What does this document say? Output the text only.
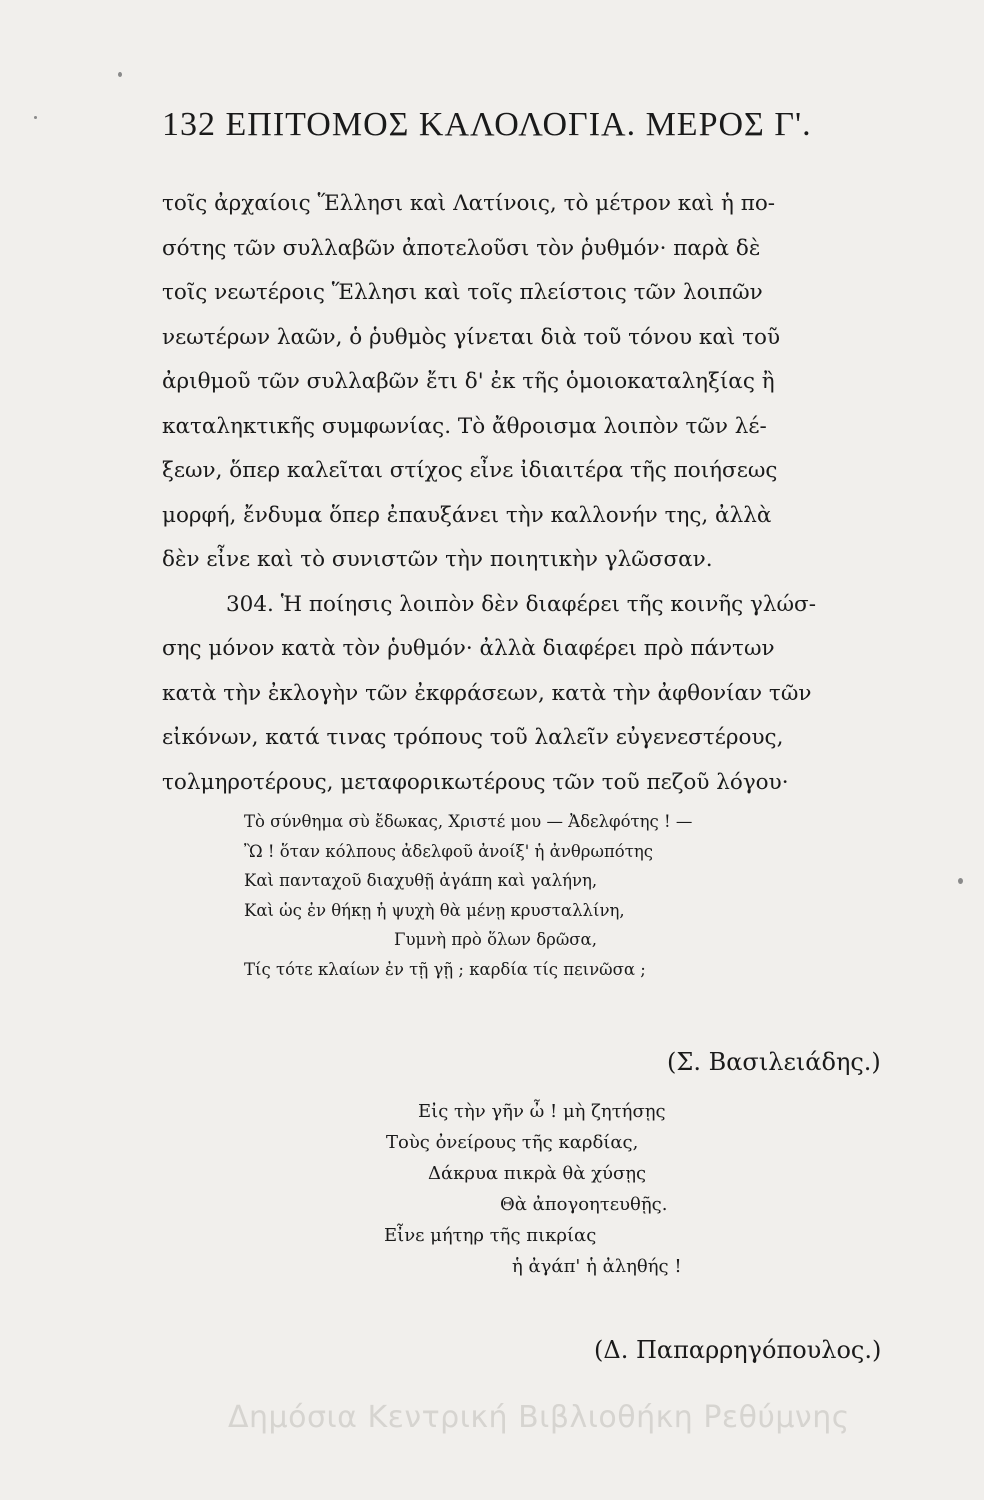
132 ΕΠΙΤΟΜΟΣ ΚΑΛΟΛΟΓΙΑ. ΜΕΡΟΣ Γ'.
τοῖς ἀρχαίοις Ἕλλησι καὶ Λατίνοις, τὸ μέτρον καὶ ἡ πο-
σότης τῶν συλλαβῶν ἀποτελοῦσι τὸν ῥυθμόν· παρὰ δὲ
τοῖς νεωτέροις Ἕλλησι καὶ τοῖς πλείστοις τῶν λοιπῶν
νεωτέρων λαῶν, ὁ ῥυθμὸς γίνεται διὰ τοῦ τόνου καὶ τοῦ
ἀριθμοῦ τῶν συλλαβῶν ἔτι δ' ἐκ τῆς ὁμοιοκαταληξίας ἢ
καταληκτικῆς συμφωνίας. Τὸ ἄθροισμα λοιπὸν τῶν λέ-
ξεων, ὅπερ καλεῖται στίχος εἶνε ἰδιαιτέρα τῆς ποιήσεως
μορφή, ἔνδυμα ὅπερ ἐπαυξάνει τὴν καλλονήν της, ἀλλὰ
δὲν εἶνε καὶ τὸ συνιστῶν τὴν ποιητικὴν γλῶσσαν.
304. Ἡ ποίησις λοιπὸν δὲν διαφέρει τῆς κοινῆς γλώσ-
σης μόνον κατὰ τὸν ῥυθμόν· ἀλλὰ διαφέρει πρὸ πάντων
κατὰ τὴν ἐκλογὴν τῶν ἐκφράσεων, κατὰ τὴν ἀφθονίαν τῶν
εἰκόνων, κατά τινας τρόπους τοῦ λαλεῖν εὐγενεστέρους,
τολμηροτέρους, μεταφορικωτέρους τῶν τοῦ πεζοῦ λόγου·
Τὸ σύνθημα σὺ ἔδωκας, Χριστέ μου — Ἀδελφότης ! —
Ὢ ! ὅταν κόλπους ἀδελφοῦ ἀνοίξ' ἡ ἀνθρωπότης
Καὶ πανταχοῦ διαχυθῇ ἀγάπη καὶ γαλήνη,
Καὶ ὡς ἐν θήκῃ ἡ ψυχὴ θὰ μένῃ κρυσταλλίνη,
Γυμνὴ πρὸ ὅλων δρῶσα,
Τίς τότε κλαίων ἐν τῇ γῇ ; καρδία τίς πεινῶσα ;
(Σ. Βασιλειάδης.)
Εἰς τὴν γῆν ὦ ! μὴ ζητήσῃς
Τοὺς ὀνείρους τῆς καρδίας,
Δάκρυα πικρὰ θὰ χύσῃς
Θὰ ἀπογοητευθῇς.
Εἶνε μήτηρ τῆς πικρίας
ἡ ἀγάπ' ἡ ἀληθής !
(Δ. Παπαρρηγόπουλος.)
Δημόσια Κεντρική Βιβλιοθήκη Ρεθύμνης
